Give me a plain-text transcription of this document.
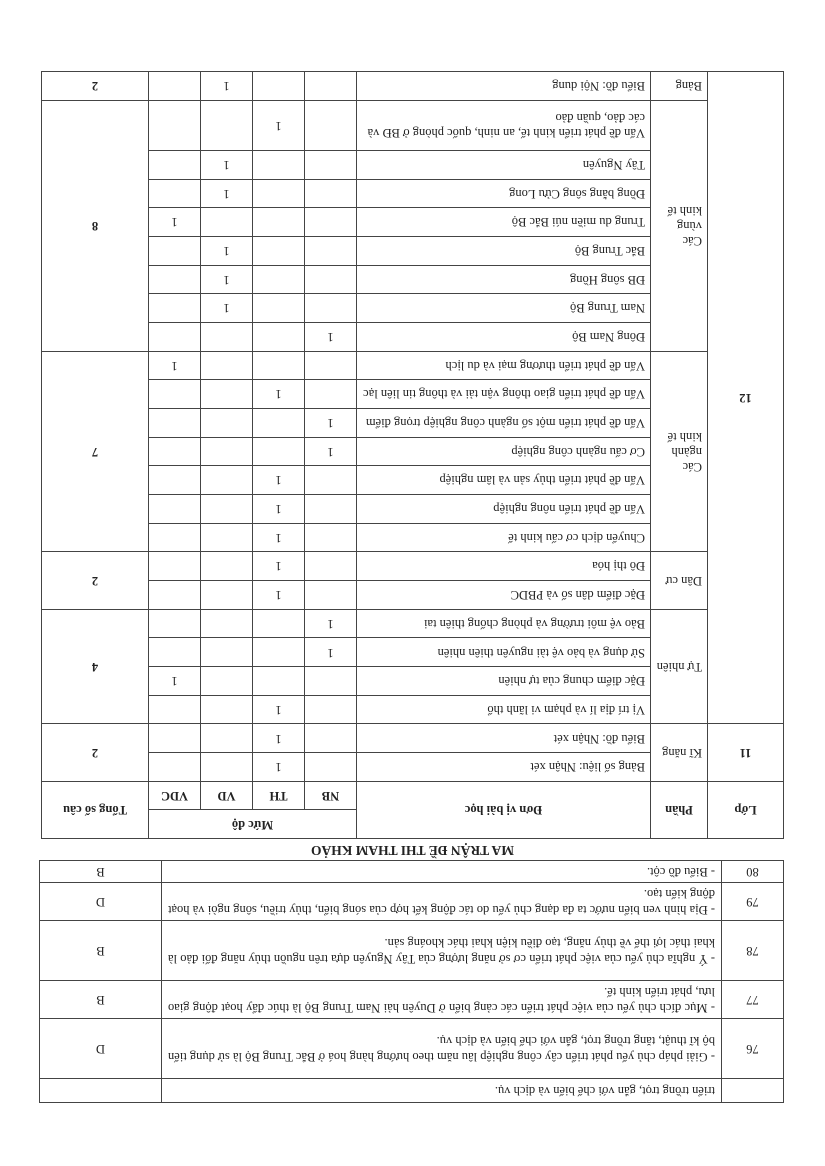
	triển trồng trọt, gắn với chế biến và dịch vụ.	
76	- Giải pháp chủ yếu phát triển cây công nghiệp lâu năm theo hướng hàng hoá ở Bắc Trung Bộ là sử dụng tiến bộ kĩ thuật, tăng trồng trọt, gắn với chế biến và dịch vụ.	D
77	- Mục đích chủ yếu của việc phát triển các cảng biển ở Duyên hải Nam Trung Bộ là thúc đẩy hoạt động giao lưu, phát triển kinh tế.	B
78	- Ý nghĩa chủ yếu của việc phát triển cơ sở năng lượng của Tây Nguyên dựa trên nguồn thủy năng đối đảo là khai thác lợi thế về thủy năng, tạo điều kiện khai thác khoáng sản.	B
79	- Địa hình ven biển nước ta đa dạng chủ yếu do tác động kết hợp của sóng biển, thủy triều, sông ngòi và hoạt động kiến tạo.	D
80	- Biểu đồ cột.	B
MA TRẬN ĐỀ THI THAM KHẢO
Lớp	Phần	Đơn vị bài học	Mức độ				Tổng số câu
			NB	TH	VD	VDC	
11	Kĩ năng	Bảng số liệu: Nhận xét		1			2
		Biểu đồ: Nhận xét		1			
12	Tự nhiên	Vị trí địa lí và phạm vi lãnh thổ		1			4
		Đặc điểm chung của tự nhiên				1	
		Sử dụng và bảo vệ tài nguyên thiên nhiên	1				
		Bảo vệ môi trường và phòng chống thiên tai	1				
	Dân cư	Đặc điểm dân số và PBDC		1			2
		Đô thị hóa		1			
	Các ngành kinh tế	Chuyển dịch cơ cấu kinh tế		1			7
		Vấn đề phát triển nông nghiệp		1			
		Vấn đề phát triển thủy sản và lâm nghiệp		1			
		Cơ cấu ngành công nghiệp	1				
		Vấn đề phát triển một số ngành công nghiệp trọng điểm	1				
		Vấn đề phát triển giao thông vận tải và thông tin liên lạc		1			
		Vấn đề phát triển thương mại và du lịch				1	
	Các vùng kinh tế	Đông Nam Bộ	1				8
		Nam Trung Bộ			1		
		ĐB sông Hồng			1		
		Bắc Trung Bộ			1		
		Trung du miền núi Bắc Bộ				1	
		Đồng bằng sông Cửu Long			1		
		Tây Nguyên			1		
		Vấn đề phát triển kinh tế, an ninh, quốc phòng ở BĐ và các đảo, quần đảo		1			
	Bảng	Biểu đồ: Nội dung			1		2
